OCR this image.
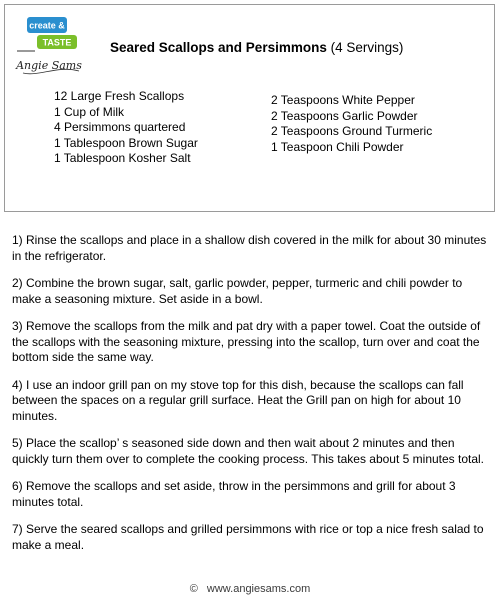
create &
TASTE
Angie Sams
Seared Scallops and Persimmons (4 Servings)
12 Large Fresh Scallops
1 Cup of Milk
4 Persimmons quartered
1 Tablespoon Brown Sugar
1 Tablespoon Kosher Salt
2 Teaspoons White Pepper
2 Teaspoons Garlic Powder
2 Teaspoons Ground Turmeric
1 Teaspoon Chili Powder

1) Rinse the scallops and place in a shallow dish covered in the milk for about 30 minutes in the refrigerator.

2) Combine the brown sugar, salt, garlic powder, pepper, turmeric and chili powder to make a seasoning mixture. Set aside in a bowl.

3) Remove the scallops from the milk and pat dry with a paper towel. Coat the outside of the scallops with the seasoning mixture, pressing into the scallop, turn over and coat the bottom side the same way.

4) I use an indoor grill pan on my stove top for this dish, because the scallops can fall between the spaces on a regular grill surface. Heat the Grill pan on high for about 10 minutes.

5) Place the scallop’ s seasoned side down and then wait about 2 minutes and then quickly turn them over to complete the cooking process. This takes about 5 minutes total.

6) Remove the scallops and set aside, throw in the persimmons and grill for about 3 minutes total.

7) Serve the seared scallops and grilled persimmons with rice or top a nice fresh salad to make a meal.

© www.angiesams.com
